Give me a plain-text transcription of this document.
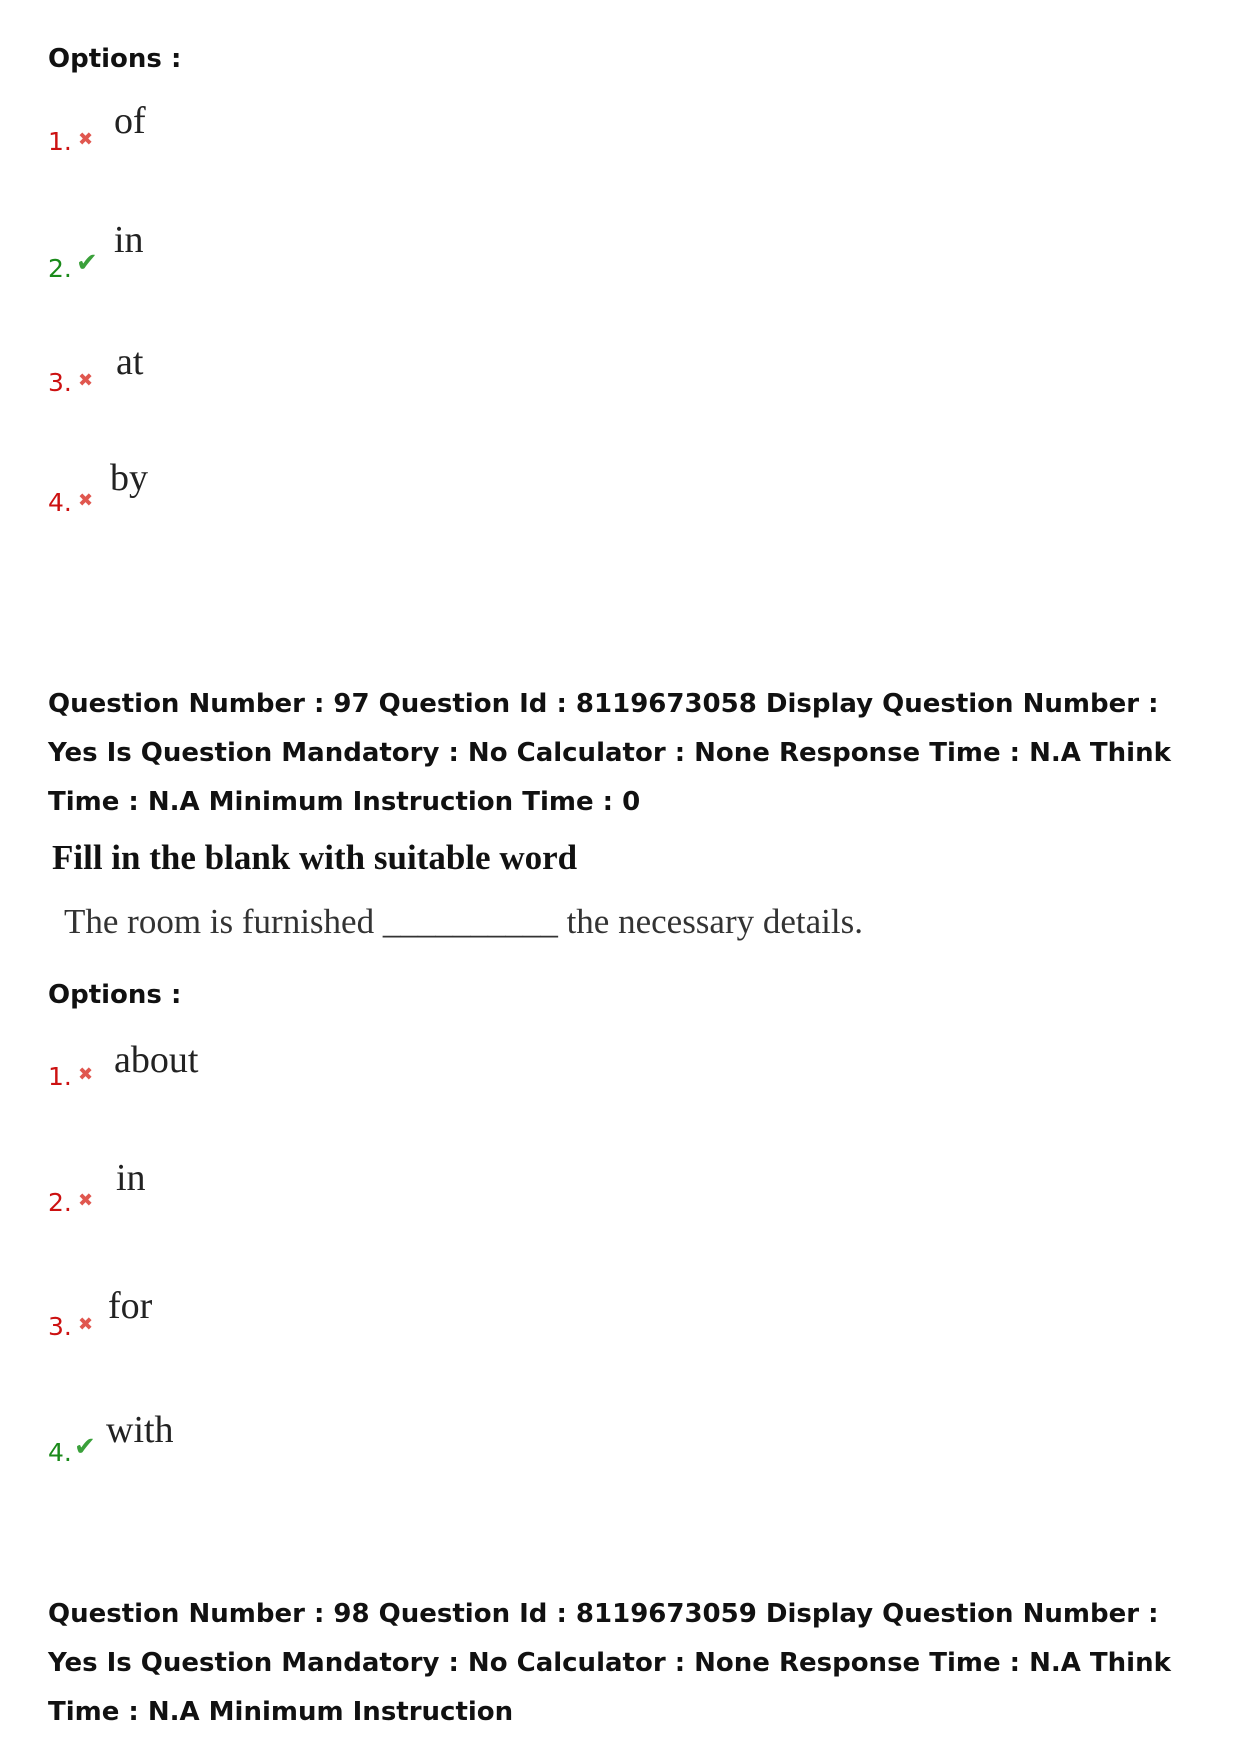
Options :
1. ✖ of
2. ✔
in
3. ✖ at
4. ✖
by
Question Number : 97 Question Id : 8119673058 Display Question Number : Yes Is Question Mandatory : No Calculator : None Response Time : N.A Think Time : N.A Minimum Instruction Time : 0
Fill in the blank with suitable word
The room is furnished __________ the necessary details.
Options :
1. ✖ about
2. ✖
in
3. ✖ for
4. ✔ with
Question Number : 98 Question Id : 8119673059 Display Question Number : Yes Is Question Mandatory : No Calculator : None Response Time : N.A Think Time : N.A Minimum Instruction
